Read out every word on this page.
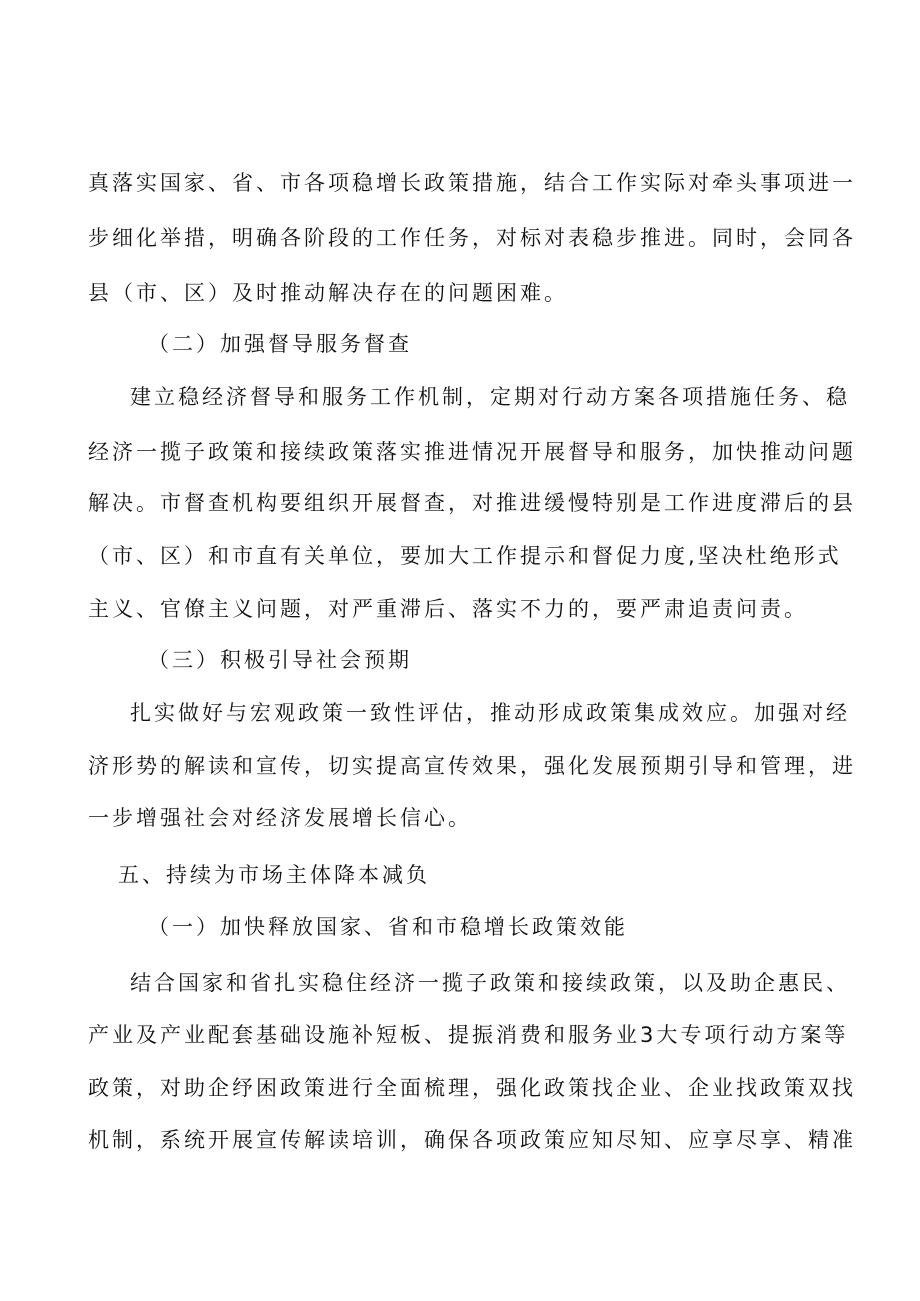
真落实国家、省、市各项稳增长政策措施，结合工作实际对牵头事项进一
步细化举措，明确各阶段的工作任务，对标对表稳步推进。同时，会同各
县（市、区）及时推动解决存在的问题困难。
（二）加强督导服务督查
建立稳经济督导和服务工作机制，定期对行动方案各项措施任务、稳
经济一揽子政策和接续政策落实推进情况开展督导和服务，加快推动问题
解决。市督查机构要组织开展督查，对推进缓慢特别是工作进度滞后的县
（市、区）和市直有关单位，要加大工作提示和督促力度,坚决杜绝形式
主义、官僚主义问题，对严重滞后、落实不力的，要严肃追责问责。
（三）积极引导社会预期
扎实做好与宏观政策一致性评估，推动形成政策集成效应。加强对经
济形势的解读和宣传，切实提高宣传效果，强化发展预期引导和管理，进
一步增强社会对经济发展增长信心。
五、持续为市场主体降本减负
（一）加快释放国家、省和市稳增长政策效能
结合国家和省扎实稳住经济一揽子政策和接续政策，以及助企惠民、
产业及产业配套基础设施补短板、提振消费和服务业3大专项行动方案等
政策，对助企纾困政策进行全面梳理，强化政策找企业、企业找政策双找
机制，系统开展宣传解读培训，确保各项政策应知尽知、应享尽享、精准
